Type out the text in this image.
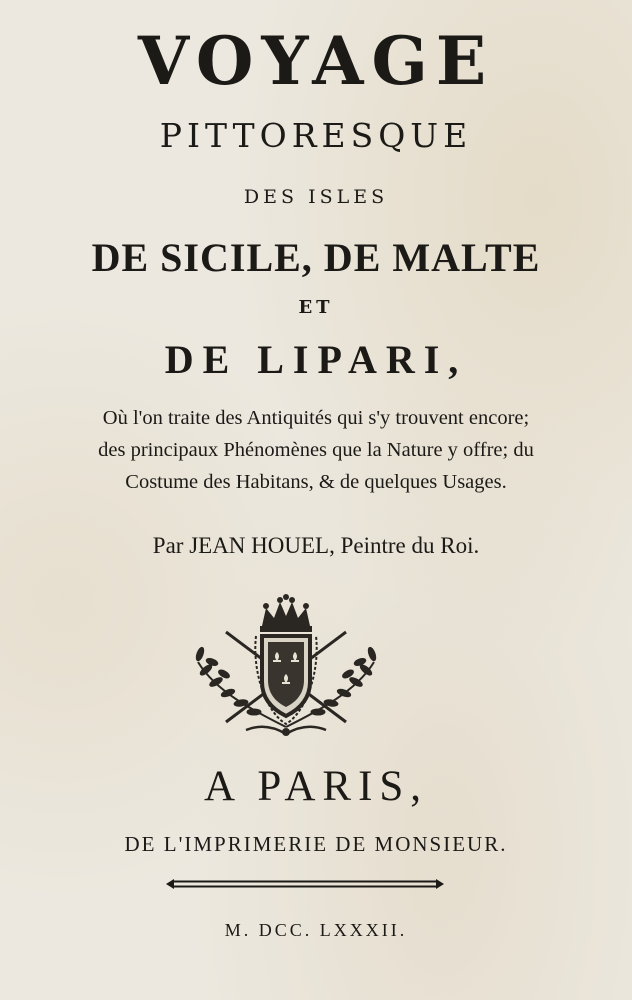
VOYAGE
PITTORESQUE
DES ISLES
DE SICILE, DE MALTE
ET
DE LIPARI,
Où l'on traite des Antiquités qui s'y trouvent encore;
des principaux Phénomènes que la Nature y offre; du
Costume des Habitans, & de quelques Usages.
Par JEAN HOUEL, Peintre du Roi.
A PARIS,
DE L'IMPRIMERIE DE MONSIEUR.
M. DCC. LXXXII.
